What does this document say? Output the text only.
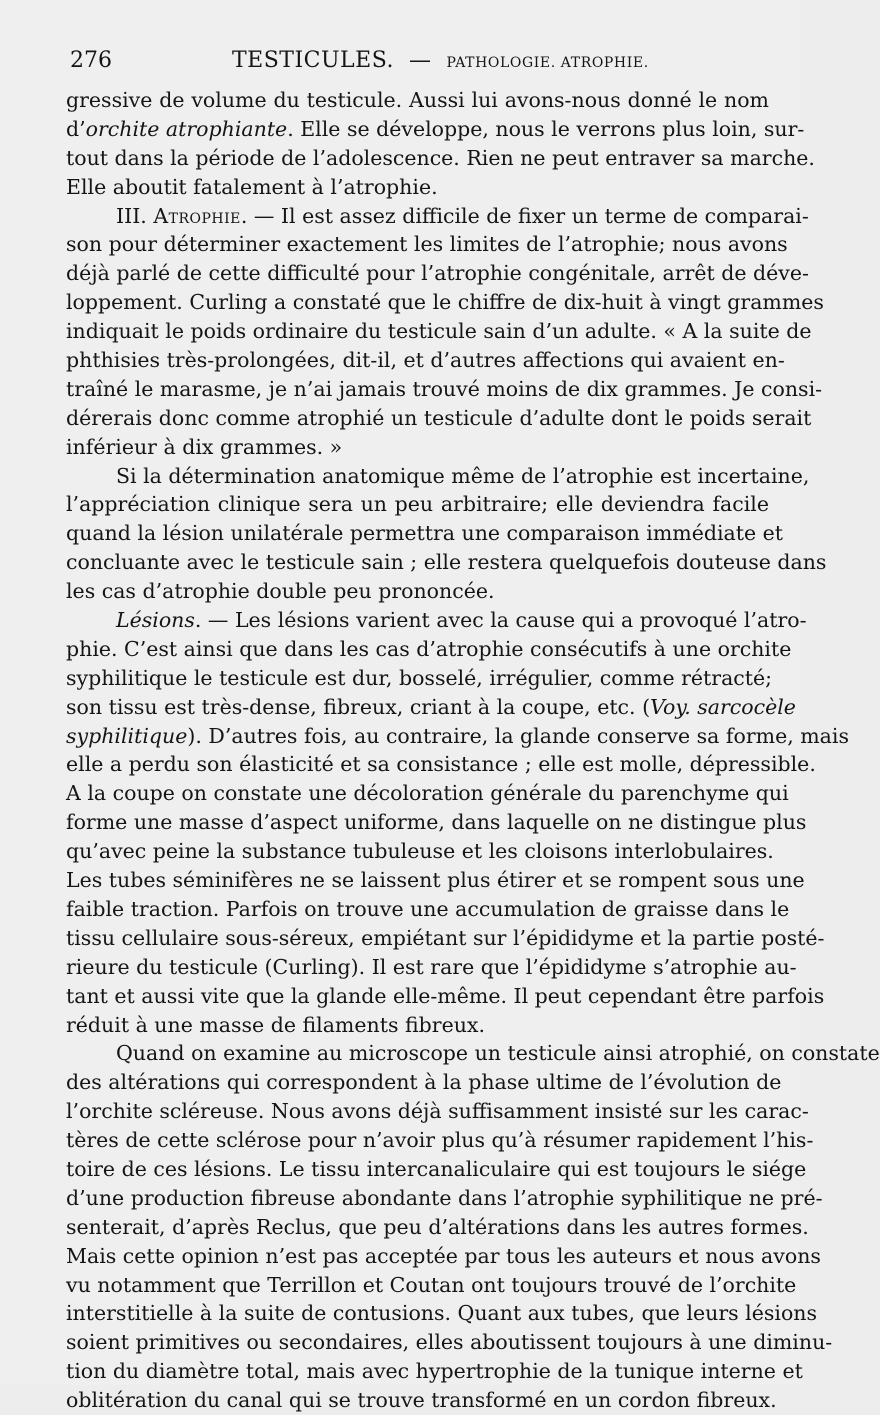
276	TESTICULES. — PATHOLOGIE. ATROPHIE.
gressive de volume du testicule. Aussi lui avons-nous donné le nom
d’orchite atrophiante. Elle se développe, nous le verrons plus loin, sur-
tout dans la période de l’adolescence. Rien ne peut entraver sa marche.
Elle aboutit fatalement à l’atrophie.
III. Atrophie. — Il est assez difficile de fixer un terme de comparai-
son pour déterminer exactement les limites de l’atrophie; nous avons
déjà parlé de cette difficulté pour l’atrophie congénitale, arrêt de déve-
loppement. Curling a constaté que le chiffre de dix-huit à vingt grammes
indiquait le poids ordinaire du testicule sain d’un adulte. « A la suite de
phthisies très-prolongées, dit-il, et d’autres affections qui avaient en-
traîné le marasme, je n’ai jamais trouvé moins de dix grammes. Je consi-
dérerais donc comme atrophié un testicule d’adulte dont le poids serait
inférieur à dix grammes. »
Si la détermination anatomique même de l’atrophie est incertaine,
l’appréciation clinique sera un peu arbitraire; elle deviendra facile
quand la lésion unilatérale permettra une comparaison immédiate et
concluante avec le testicule sain ; elle restera quelquefois douteuse dans
les cas d’atrophie double peu prononcée.
Lésions. — Les lésions varient avec la cause qui a provoqué l’atro-
phie. C’est ainsi que dans les cas d’atrophie consécutifs à une orchite
syphilitique le testicule est dur, bosselé, irrégulier, comme rétracté;
son tissu est très-dense, fibreux, criant à la coupe, etc. (Voy. sarcocèle
syphilitique). D’autres fois, au contraire, la glande conserve sa forme, mais
elle a perdu son élasticité et sa consistance ; elle est molle, dépressible.
A la coupe on constate une décoloration générale du parenchyme qui
forme une masse d’aspect uniforme, dans laquelle on ne distingue plus
qu’avec peine la substance tubuleuse et les cloisons interlobulaires.
Les tubes séminifères ne se laissent plus étirer et se rompent sous une
faible traction. Parfois on trouve une accumulation de graisse dans le
tissu cellulaire sous-séreux, empiétant sur l’épididyme et la partie posté-
rieure du testicule (Curling). Il est rare que l’épididyme s’atrophie au-
tant et aussi vite que la glande elle-même. Il peut cependant être parfois
réduit à une masse de filaments fibreux.
Quand on examine au microscope un testicule ainsi atrophié, on constate
des altérations qui correspondent à la phase ultime de l’évolution de
l’orchite scléreuse. Nous avons déjà suffisamment insisté sur les carac-
tères de cette sclérose pour n’avoir plus qu’à résumer rapidement l’his-
toire de ces lésions. Le tissu intercanaliculaire qui est toujours le siége
d’une production fibreuse abondante dans l’atrophie syphilitique ne pré-
senterait, d’après Reclus, que peu d’altérations dans les autres formes.
Mais cette opinion n’est pas acceptée par tous les auteurs et nous avons
vu notamment que Terrillon et Coutan ont toujours trouvé de l’orchite
interstitielle à la suite de contusions. Quant aux tubes, que leurs lésions
soient primitives ou secondaires, elles aboutissent toujours à une diminu-
tion du diamètre total, mais avec hypertrophie de la tunique interne et
oblitération du canal qui se trouve transformé en un cordon fibreux.
